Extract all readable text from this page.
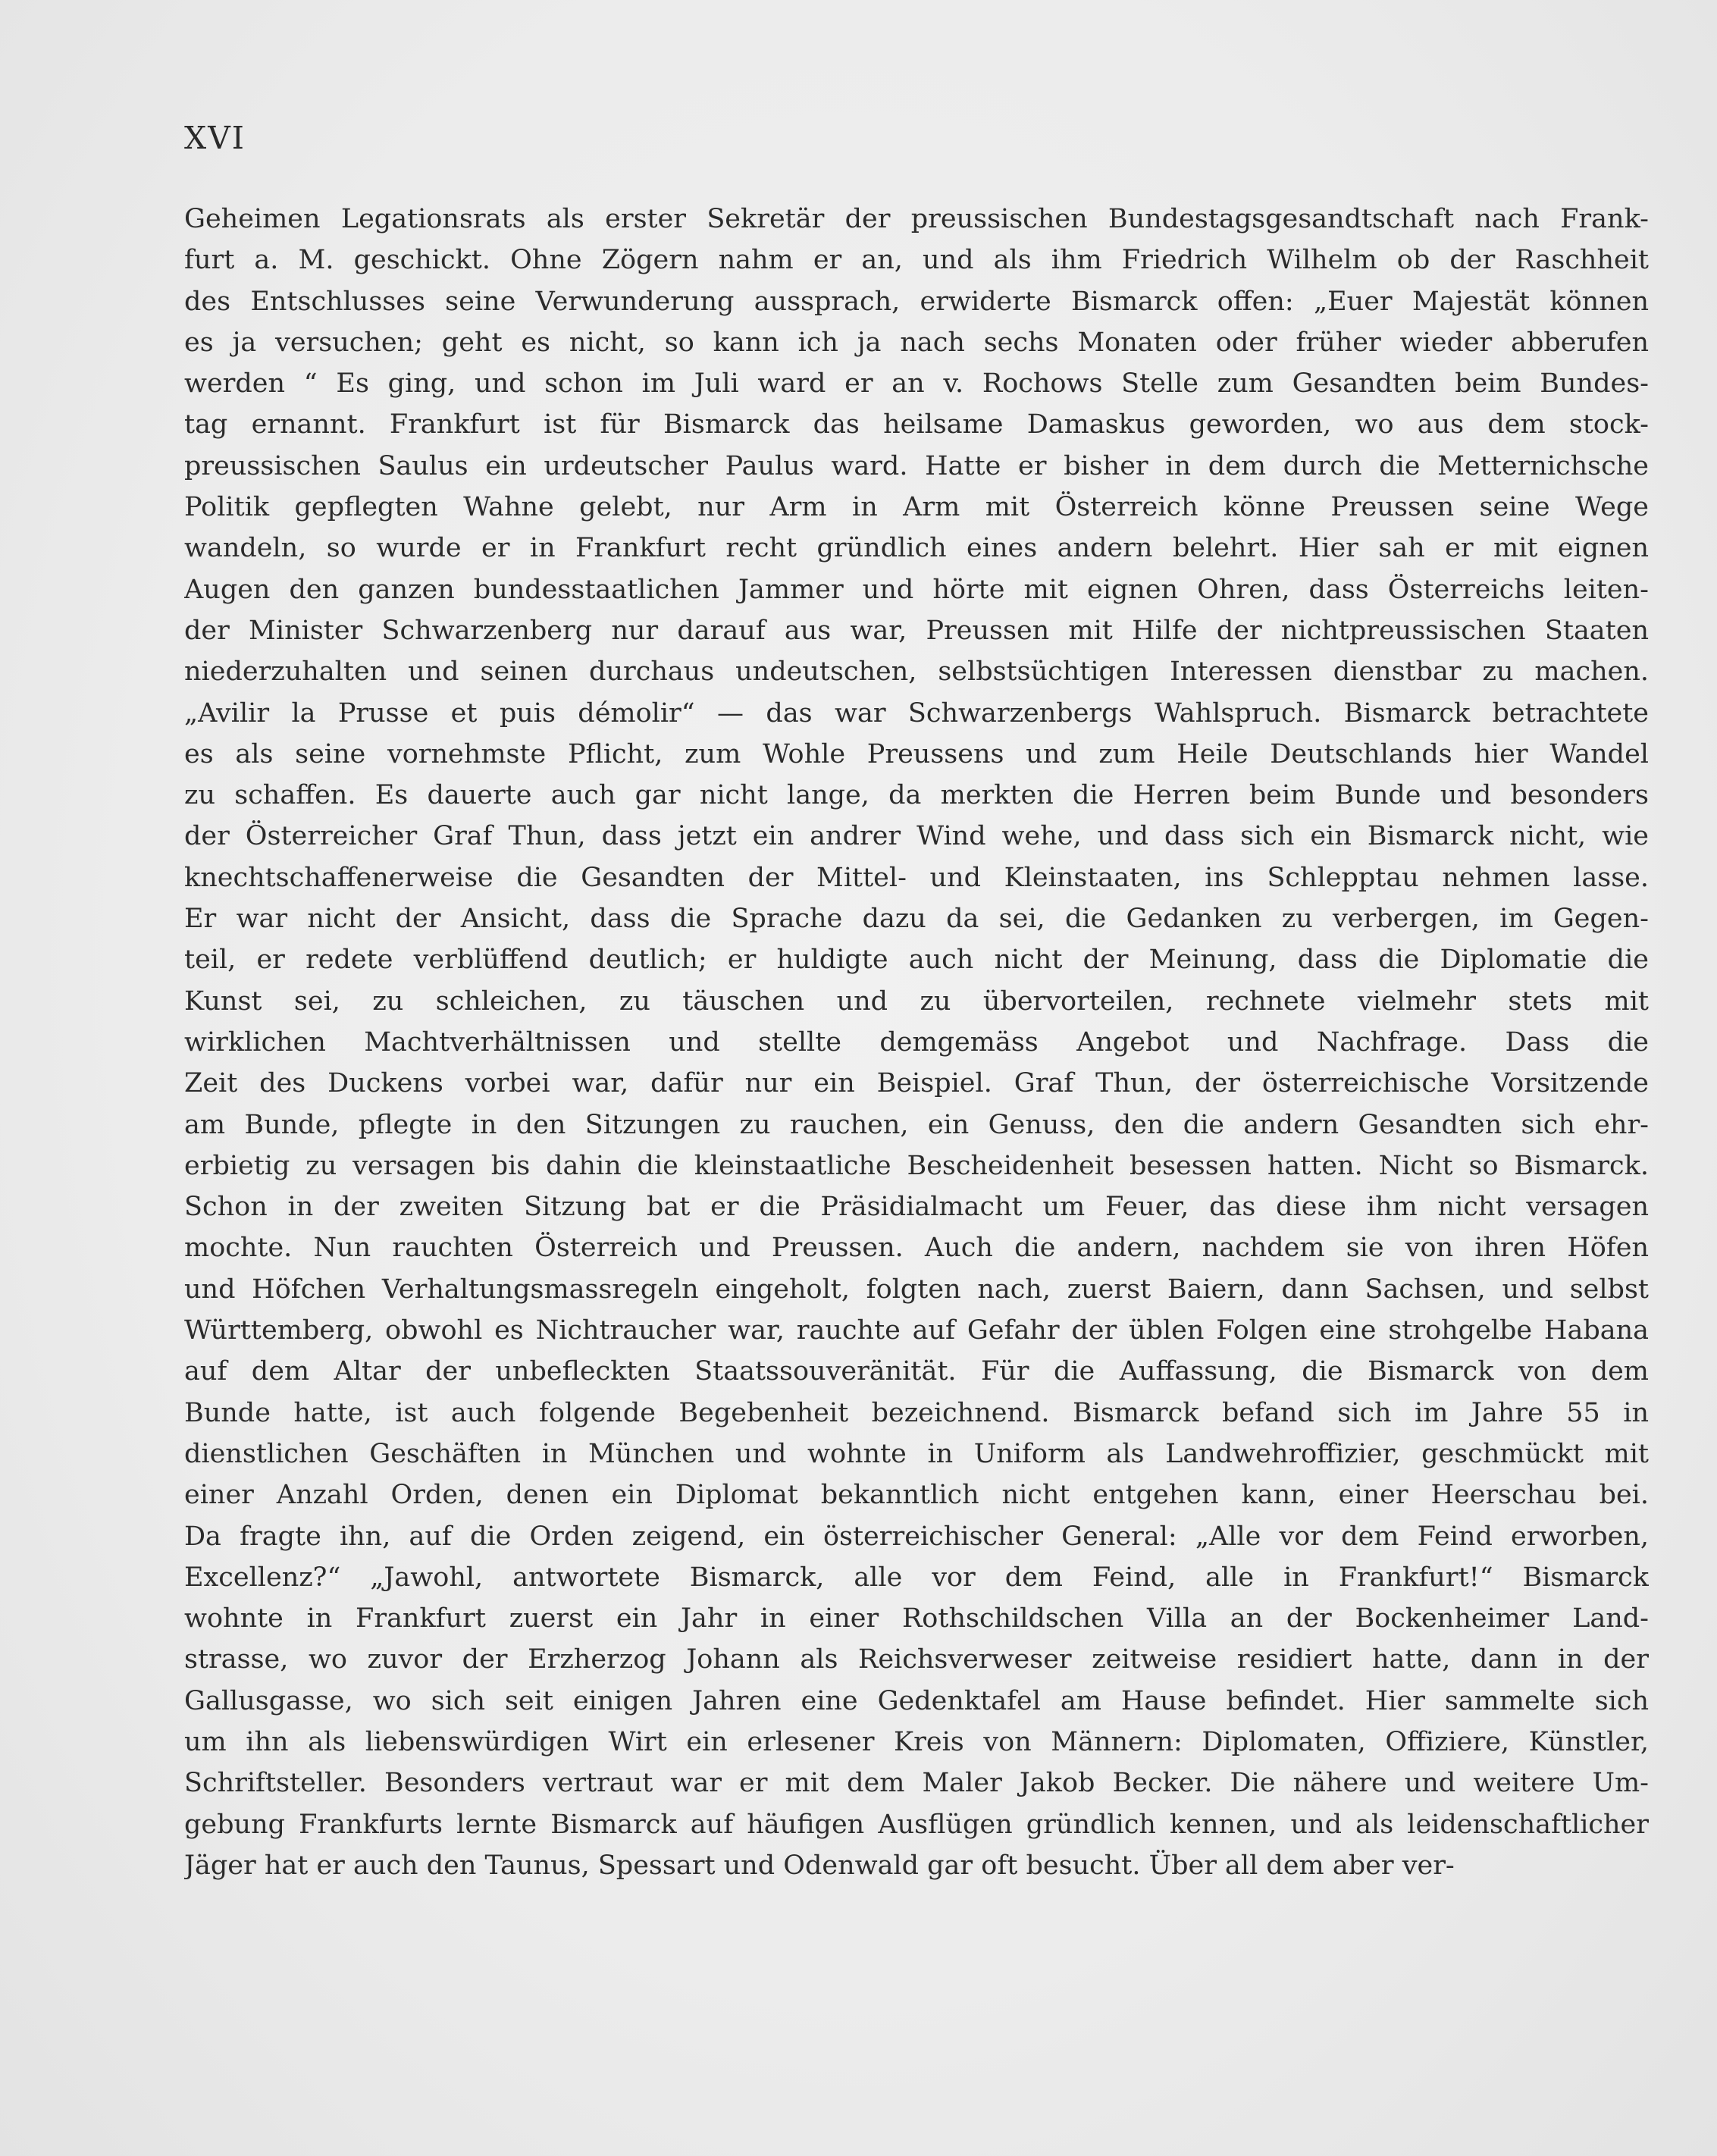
XVI
Geheimen Legationsrats als erster Sekretär der preussischen Bundestagsgesandtschaft nach Frank-
furt a. M. geschickt. Ohne Zögern nahm er an, und als ihm Friedrich Wilhelm ob der Raschheit
des Entschlusses seine Verwunderung aussprach, erwiderte Bismarck offen: „Euer Majestät können
es ja versuchen; geht es nicht, so kann ich ja nach sechs Monaten oder früher wieder abberufen
werden “ Es ging, und schon im Juli ward er an v. Rochows Stelle zum Gesandten beim Bundes-
tag ernannt. Frankfurt ist für Bismarck das heilsame Damaskus geworden, wo aus dem stock-
preussischen Saulus ein urdeutscher Paulus ward. Hatte er bisher in dem durch die Metternichsche
Politik gepflegten Wahne gelebt, nur Arm in Arm mit Österreich könne Preussen seine Wege
wandeln, so wurde er in Frankfurt recht gründlich eines andern belehrt. Hier sah er mit eignen
Augen den ganzen bundesstaatlichen Jammer und hörte mit eignen Ohren, dass Österreichs leiten-
der Minister Schwarzenberg nur darauf aus war, Preussen mit Hilfe der nichtpreussischen Staaten
niederzuhalten und seinen durchaus undeutschen, selbstsüchtigen Interessen dienstbar zu machen.
„Avilir la Prusse et puis démolir“ — das war Schwarzenbergs Wahlspruch. Bismarck betrachtete
es als seine vornehmste Pflicht, zum Wohle Preussens und zum Heile Deutschlands hier Wandel
zu schaffen. Es dauerte auch gar nicht lange, da merkten die Herren beim Bunde und besonders
der Österreicher Graf Thun, dass jetzt ein andrer Wind wehe, und dass sich ein Bismarck nicht, wie
knechtschaffenerweise die Gesandten der Mittel- und Kleinstaaten, ins Schlepptau nehmen lasse.
Er war nicht der Ansicht, dass die Sprache dazu da sei, die Gedanken zu verbergen, im Gegen-
teil, er redete verblüffend deutlich; er huldigte auch nicht der Meinung, dass die Diplomatie die
Kunst sei, zu schleichen, zu täuschen und zu übervorteilen, rechnete vielmehr stets mit
wirklichen Machtverhältnissen und stellte demgemäss Angebot und Nachfrage. Dass die
Zeit des Duckens vorbei war, dafür nur ein Beispiel. Graf Thun, der österreichische Vorsitzende
am Bunde, pflegte in den Sitzungen zu rauchen, ein Genuss, den die andern Gesandten sich ehr-
erbietig zu versagen bis dahin die kleinstaatliche Bescheidenheit besessen hatten. Nicht so Bismarck.
Schon in der zweiten Sitzung bat er die Präsidialmacht um Feuer, das diese ihm nicht versagen
mochte. Nun rauchten Österreich und Preussen. Auch die andern, nachdem sie von ihren Höfen
und Höfchen Verhaltungsmassregeln eingeholt, folgten nach, zuerst Baiern, dann Sachsen, und selbst
Württemberg, obwohl es Nichtraucher war, rauchte auf Gefahr der üblen Folgen eine strohgelbe Habana
auf dem Altar der unbefleckten Staatssouveränität. Für die Auffassung, die Bismarck von dem
Bunde hatte, ist auch folgende Begebenheit bezeichnend. Bismarck befand sich im Jahre 55 in
dienstlichen Geschäften in München und wohnte in Uniform als Landwehroffizier, geschmückt mit
einer Anzahl Orden, denen ein Diplomat bekanntlich nicht entgehen kann, einer Heerschau bei.
Da fragte ihn, auf die Orden zeigend, ein österreichischer General: „Alle vor dem Feind erworben,
Excellenz?“ „Jawohl, antwortete Bismarck, alle vor dem Feind, alle in Frankfurt!“ Bismarck
wohnte in Frankfurt zuerst ein Jahr in einer Rothschildschen Villa an der Bockenheimer Land-
strasse, wo zuvor der Erzherzog Johann als Reichsverweser zeitweise residiert hatte, dann in der
Gallusgasse, wo sich seit einigen Jahren eine Gedenktafel am Hause befindet. Hier sammelte sich
um ihn als liebenswürdigen Wirt ein erlesener Kreis von Männern: Diplomaten, Offiziere, Künstler,
Schriftsteller. Besonders vertraut war er mit dem Maler Jakob Becker. Die nähere und weitere Um-
gebung Frankfurts lernte Bismarck auf häufigen Ausflügen gründlich kennen, und als leidenschaftlicher
Jäger hat er auch den Taunus, Spessart und Odenwald gar oft besucht. Über all dem aber ver-
